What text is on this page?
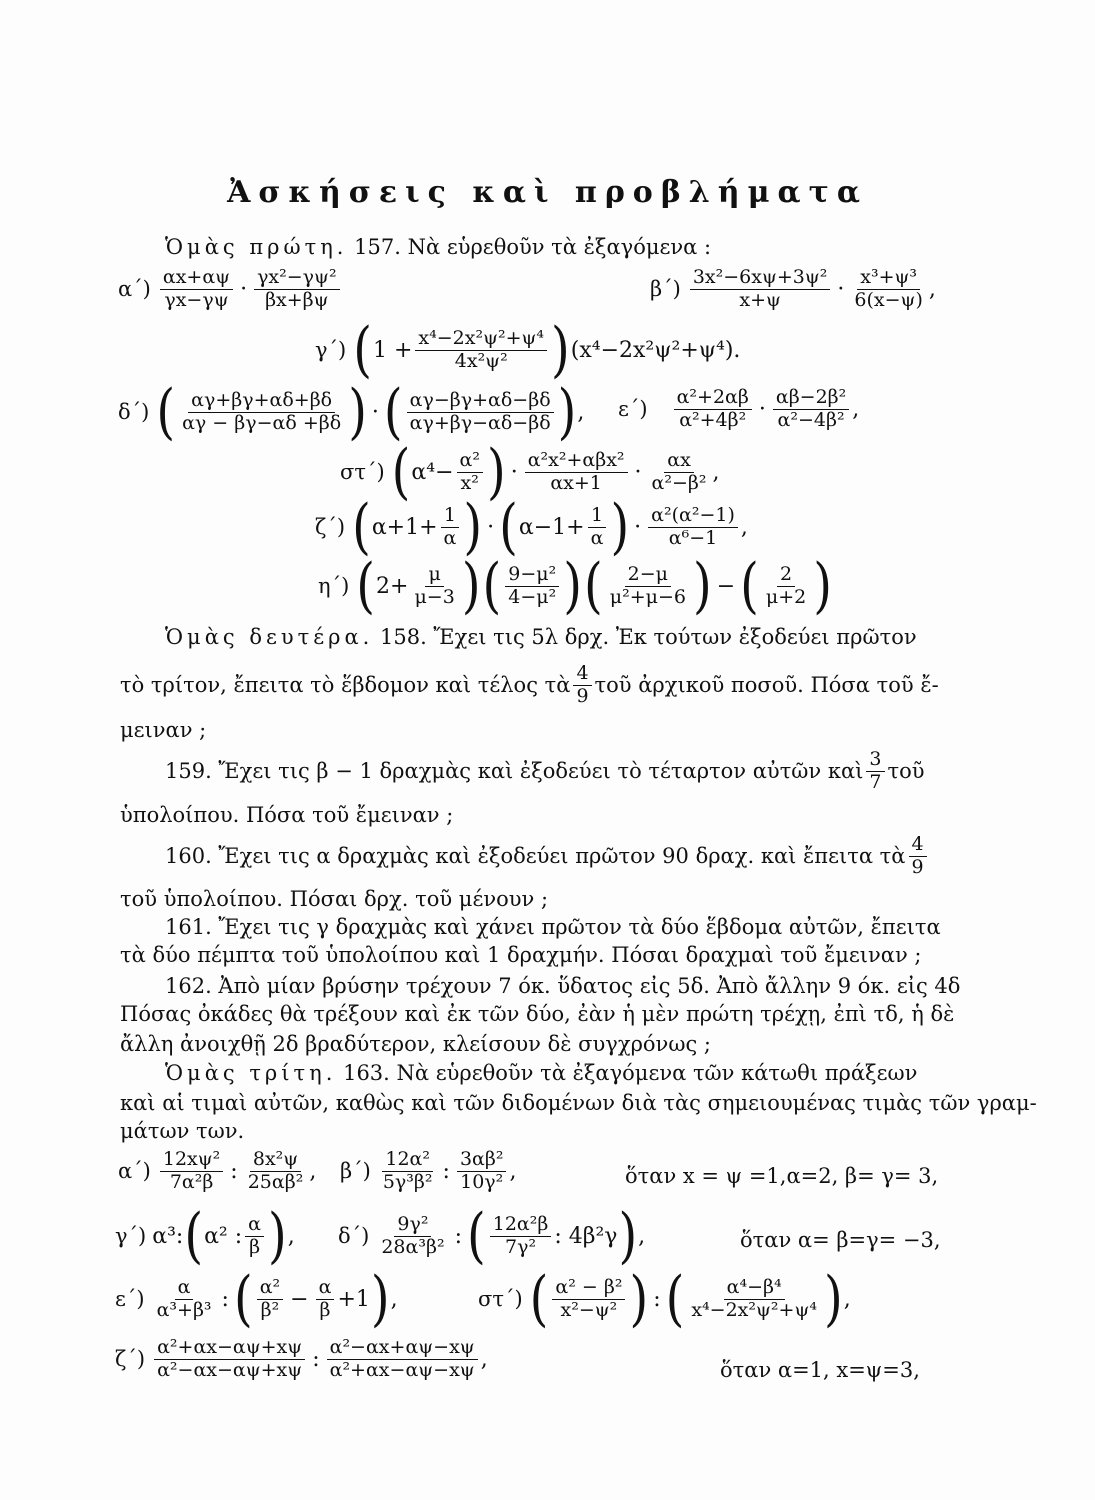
Ἀσκήσεις καὶ προβλήματα
Ὁμὰς πρώτη. 157. Νὰ εὑρεθοῦν τὰ ἐξαγόμενα :
$\alpha΄) \frac{\alpha x+\alpha\psi}{\gamma x-\gamma\psi} \cdot \frac{\text{γx²−γψ²}}{\beta x+\beta\psi}$	$\beta΄) \frac{\text{3x²−6xψ+3ψ²}}{x+\psi} \cdot \frac{\text{x³+ψ³}}{6(x-\psi)}$ ,
γ΄) ( $1 + \frac{\text{x⁴−2x²ψ²+ψ⁴}}{\text{4x²ψ²}}$ ) (x⁴−2x²ψ²+ψ⁴).
δ΄) ( $\frac{\alpha\gamma+\beta\gamma+\alpha\delta+\beta\delta}{\alpha\gamma - \beta\gamma-\alpha\delta +\beta\delta}$ ) · ( $\frac{\alpha\gamma-\beta\gamma+\alpha\delta-\beta\delta}{\alpha\gamma+\beta\gamma-\alpha\delta-\beta\delta}$ ) , $\varepsilon΄) \frac{\text{α²+2αβ}}{\text{α²+4β²}} \cdot \frac{\text{αβ−2β²}}{\text{α²−4β²}}$ ,
στ΄) ( $\alpha^4- \frac{\text{α²}}{\text{x²}}$ ) · $\frac{\text{α²x²+αβx²}}{\alpha x+1} \cdot \frac{\alpha x}{\text{α²−β²}}$ ,
ζ΄) ( $\alpha+1+ \frac{1}{\alpha}$ ) · ( $\alpha-1+ \frac{1}{\alpha}$ ) · $\frac{\text{α²(α²−1)}}{\text{α⁶−1}}$ ,
η΄) ( $2+ \frac{\mu}{\mu-3}$ ) ( $\frac{\text{9−μ²}}{\text{4−μ²}}$ ) ( $\frac{2-\mu}{\text{μ²+μ−6}}$ ) − ( $\frac{2}{\mu+2}$ )
Ὁμὰς δευτέρα. 158. Ἔχει τις 5λ δρχ. Ἐκ τούτων ἐξοδεύει πρῶτον
τὸ τρίτον, ἔπειτα τὸ ἕβδομον καὶ τέλος τὰ $\frac{4}{9}$ τοῦ ἀρχικοῦ ποσοῦ. Πόσα τοῦ ἔ-
μειναν ;
159. Ἔχει τις β − 1 δραχμὰς καὶ ἐξοδεύει τὸ τέταρτον αὐτῶν καὶ $\frac{3}{7}$ τοῦ
ὑπολοίπου. Πόσα τοῦ ἔμειναν ;
160. Ἔχει τις α δραχμὰς καὶ ἐξοδεύει πρῶτον 90 δραχ. καὶ ἔπειτα τὰ $\frac{4}{9}$
τοῦ ὑπολοίπου. Πόσαι δρχ. τοῦ μένουν ;
161. Ἔχει τις γ δραχμὰς καὶ χάνει πρῶτον τὰ δύο ἕβδομα αὐτῶν, ἔπειτα
τὰ δύο πέμπτα τοῦ ὑπολοίπου καὶ 1 δραχμήν. Πόσαι δραχμαὶ τοῦ ἔμειναν ;
162. Ἀπὸ μίαν βρύσην τρέχουν 7 όκ. ὕδατος εἰς 5δ. Ἀπὸ ἄλλην 9 όκ. εἰς 4δ
Πόσας ὀκάδες θὰ τρέξουν καὶ ἐκ τῶν δύο, ἐὰν ἡ μὲν πρώτη τρέχῃ, ἐπὶ τδ, ἡ δὲ
ἄλλη ἀνοιχθῇ 2δ βραδύτερον, κλείσουν δὲ συγχρόνως ;
Ὁμὰς τρίτη. 163. Νὰ εὑρεθοῦν τὰ ἐξαγόμενα τῶν κάτωθι πράξεων
καὶ αἱ τιμαὶ αὐτῶν, καθὼς καὶ τῶν διδομένων διὰ τὰς σημειουμένας τιμὰς τῶν γραμ-
μάτων των.
$\alpha΄) \frac{\text{12xψ²}}{\text{7α²β}}$ : $\frac{\text{8x²ψ}}{\text{25αβ²}}$ , $\beta΄) \frac{\text{12α²}}{\text{5γ³β²}}$ : $\frac{\text{3αβ²}}{\text{10γ²}}$ ,	ὅταν x = ψ =1,α=2, β= γ= 3,
γ΄) α³: ( α² : $\frac{\alpha}{\beta}$ ) , $\delta΄) \frac{\text{9γ²}}{\text{28α³β²}}$ : ( $\frac{\text{12α²β}}{\text{7γ²}}$ : 4β²γ ) ,	ὅταν α= β=γ= −3,
$\varepsilon΄) \frac{\alpha}{\text{α³+β³}}$ : ( $\frac{\text{α²}}{\text{β²}} - \frac{\alpha}{\beta} +1$ ) ,	στ΄) ( $\frac{\text{α² − β²}}{\text{x²−ψ²}}$ ) : ( $\frac{\text{α⁴−β⁴}}{\text{x⁴−2x²ψ²+ψ⁴}}$ ) ,
$\zeta΄) \frac{\text{α²+αx−αψ+xψ}}{\text{α²−αx−αψ+xψ}}$ : $\frac{\text{α²−αx+αψ−xψ}}{\text{α²+αx−αψ−xψ}}$ ,	ὅταν α=1, x=ψ=3,
